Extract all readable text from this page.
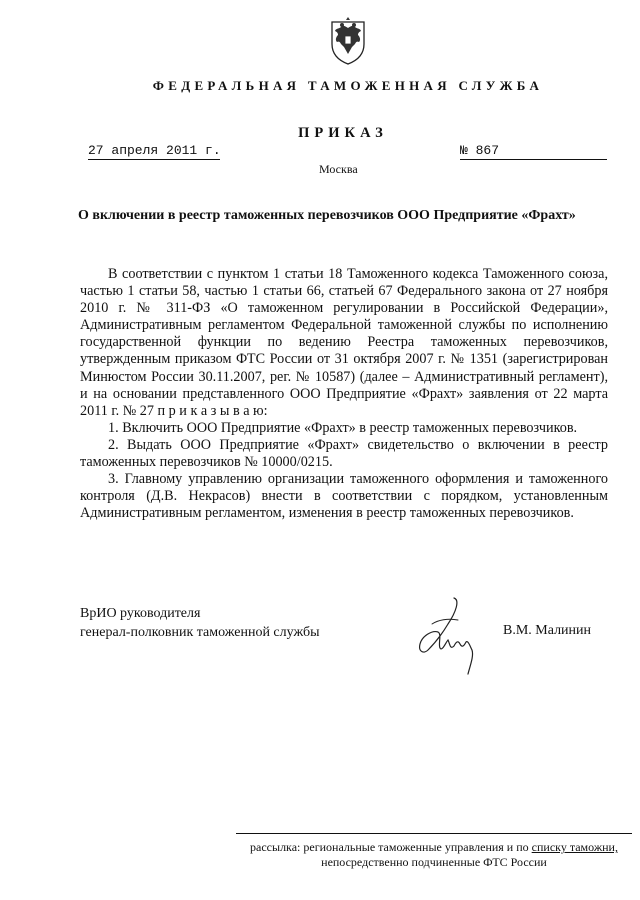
ФЕДЕРАЛЬНАЯ ТАМОЖЕННАЯ СЛУЖБА
ПРИКАЗ
27 апреля 2011 г.	№ 867
Москва
О включении в реестр таможенных перевозчиков ООО Предприятие «Фрахт»

В соответствии с пунктом 1 статьи 18 Таможенного кодекса Таможенного союза, частью 1 статьи 58, частью 1 статьи 66, статьей 67 Федерального закона от 27 ноября 2010 г. № 311-ФЗ «О таможенном регулировании в Российской Федерации», Административным регламентом Федеральной таможенной службы по исполнению государственной функции по ведению Реестра таможенных перевозчиков, утвержденным приказом ФТС России от 31 октября 2007 г. № 1351 (зарегистрирован Минюстом России 30.11.2007, рег. № 10587) (далее – Административный регламент), и на основании представленного ООО Предприятие «Фрахт» заявления от 22 марта 2011 г. № 27 п р и к а з ы в а ю:

1. Включить ООО Предприятие «Фрахт» в реестр таможенных перевозчиков.

2. Выдать ООО Предприятие «Фрахт» свидетельство о включении в реестр таможенных перевозчиков № 10000/0215.

3. Главному управлению организации таможенного оформления и таможенного контроля (Д.В. Некрасов) внести в соответствии с порядком, установленным Административным регламентом, изменения в реестр таможенных перевозчиков.

ВрИО руководителя
генерал-полковник таможенной службы	В.М. Малинин
рассылка: региональные таможенные управления и по списку таможни,
непосредственно подчиненные ФТС России
